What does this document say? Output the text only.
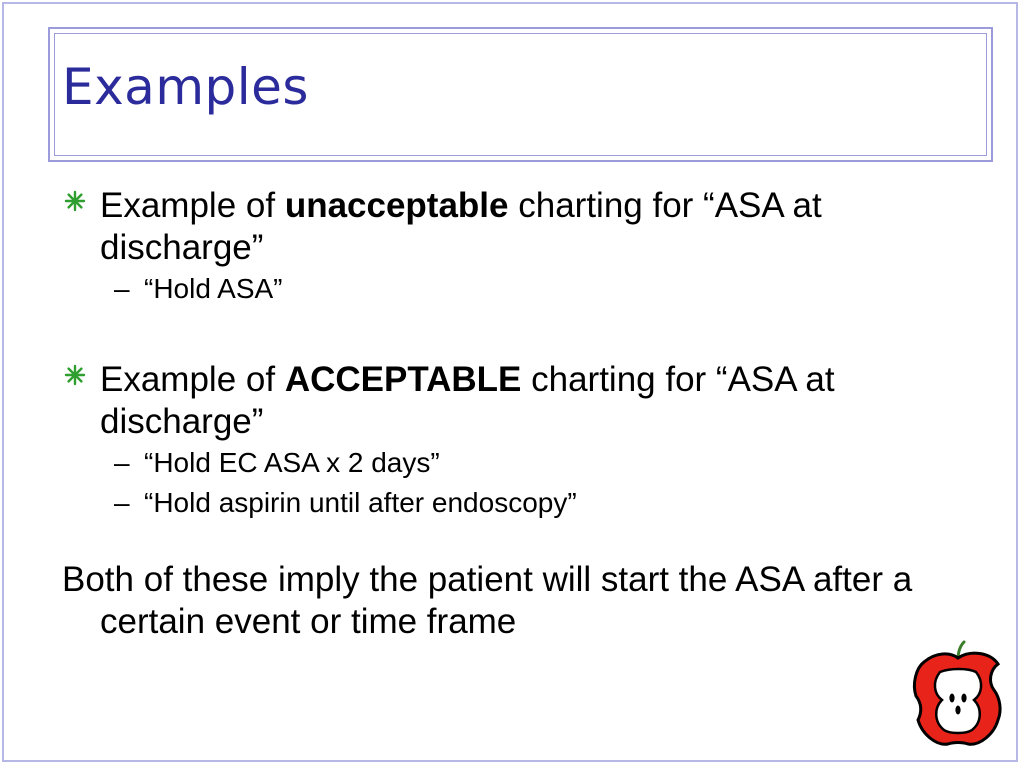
Examples
Example of unacceptable charting for “ASA at discharge”
– “Hold ASA”
Example of ACCEPTABLE charting for “ASA at discharge”
– “Hold EC ASA x 2 days”
– “Hold aspirin until after endoscopy”
Both of these imply the patient will start the ASA after a certain event or time frame
